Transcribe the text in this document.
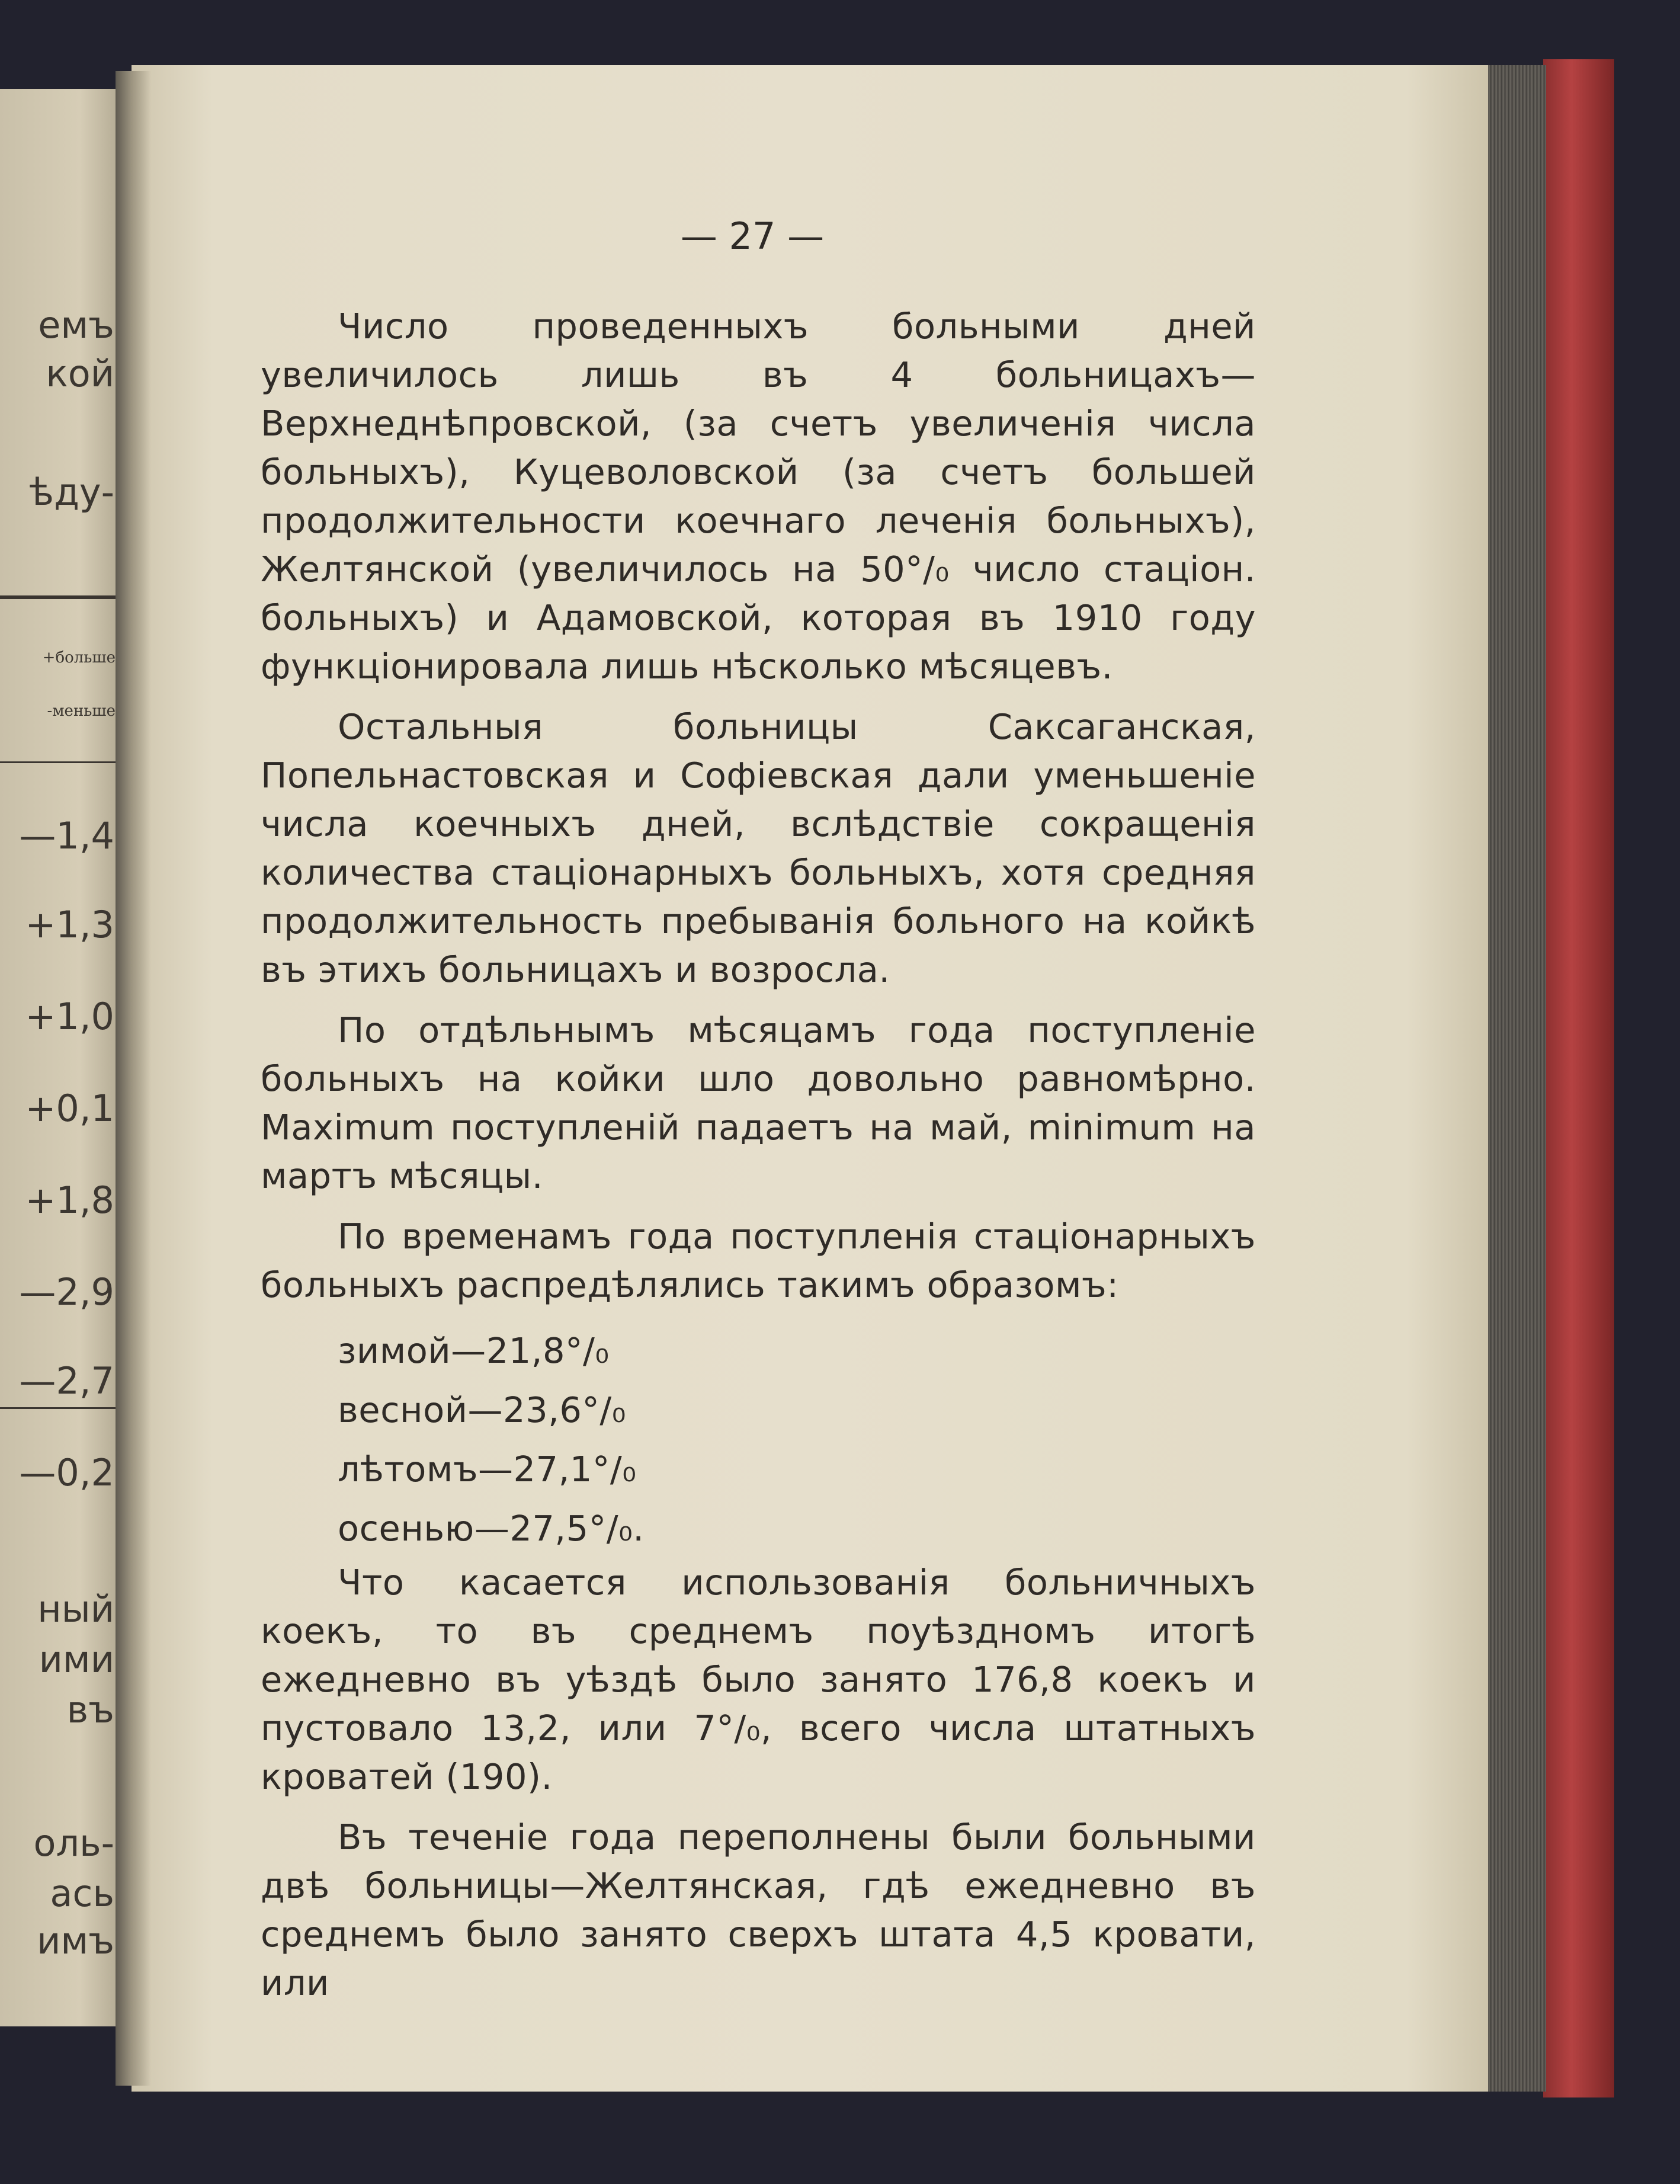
емъ
кой
ѣду-
+больше
-меньше
—1,4
+1,3
+1,0
+0,1
+1,8
—2,9
—2,7
—0,2
ный
ими
въ
оль-
ась
имъ
— 27 —

Число проведенныхъ больными дней увеличилось лишь въ 4 больницахъ—Верхнеднѣпровской, (за счетъ увеличенія числа больныхъ), Куцеволовской (за счетъ большей продолжительности коечнаго леченія больныхъ), Желтянской (увеличилось на 50°/₀ число стаціон. больныхъ) и Адамовской, которая въ 1910 году функціонировала лишь нѣсколько мѣсяцевъ.

Остальныя больницы Саксаганская, Попельнастовская и Софіевская дали уменьшеніе числа коечныхъ дней, вслѣдствіе сокращенія количества стаціонарныхъ больныхъ, хотя средняя продолжительность пребыванія больного на койкѣ въ этихъ больницахъ и возросла.

По отдѣльнымъ мѣсяцамъ года поступленіе больныхъ на койки шло довольно равномѣрно. Maximum поступленій падаетъ на май, minimum на мартъ мѣсяцы.

По временамъ года поступленія стаціонарныхъ больныхъ распредѣлялись такимъ образомъ:

зимой—21,8°/₀
весной—23,6°/₀
лѣтомъ—27,1°/₀
осенью—27,5°/₀.

Что касается использованія больничныхъ коекъ, то въ среднемъ поуѣздномъ итогѣ ежедневно въ уѣздѣ было занято 176,8 коекъ и пустовало 13,2, или 7°/₀, всего числа штатныхъ кроватей (190).

Въ теченіе года переполнены были больными двѣ больницы—Желтянская, гдѣ ежедневно въ среднемъ было занято сверхъ штата 4,5 кровати, или
